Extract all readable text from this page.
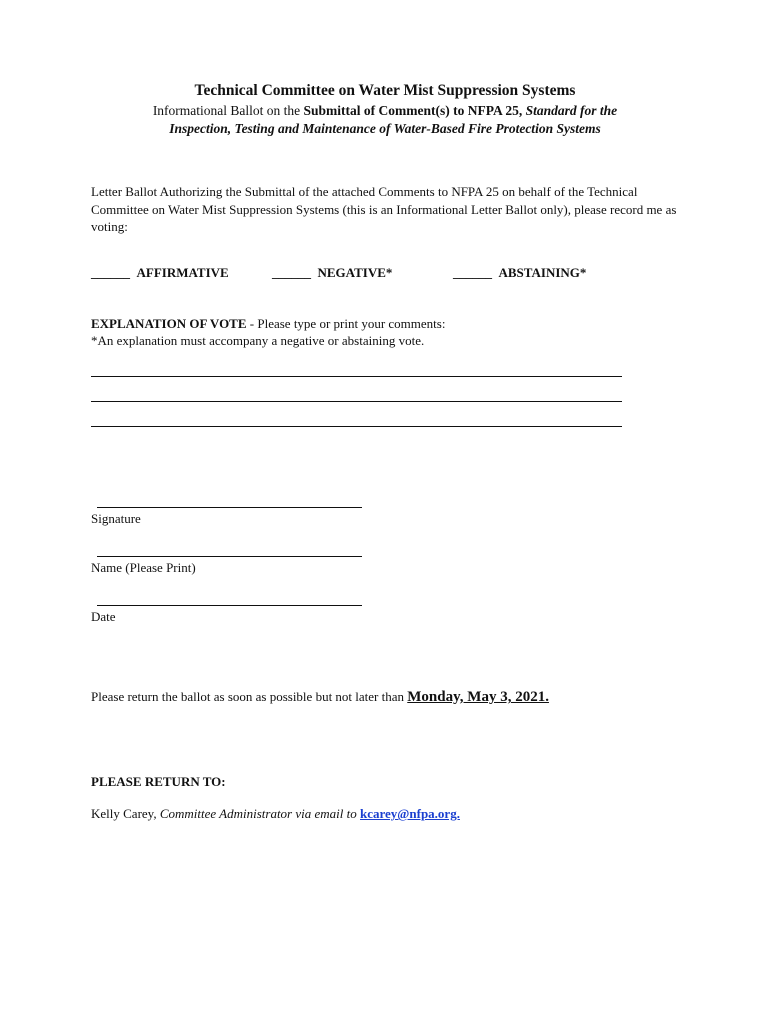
Technical Committee on Water Mist Suppression Systems
Informational Ballot on the Submittal of Comment(s) to NFPA 25, Standard for the
Inspection, Testing and Maintenance of Water-Based Fire Protection Systems
Letter Ballot Authorizing the Submittal of the attached Comments to NFPA 25 on behalf of the Technical Committee on Water Mist Suppression Systems (this is an Informational Letter Ballot only), please record me as voting:
______ AFFIRMATIVE	______ NEGATIVE*	______ ABSTAINING*
EXPLANATION OF VOTE - Please type or print your comments:
*An explanation must accompany a negative or abstaining vote.
Signature
Name (Please Print)
Date
Please return the ballot as soon as possible but not later than Monday, May 3, 2021.
PLEASE RETURN TO:
Kelly Carey, Committee Administrator via email to kcarey@nfpa.org.
